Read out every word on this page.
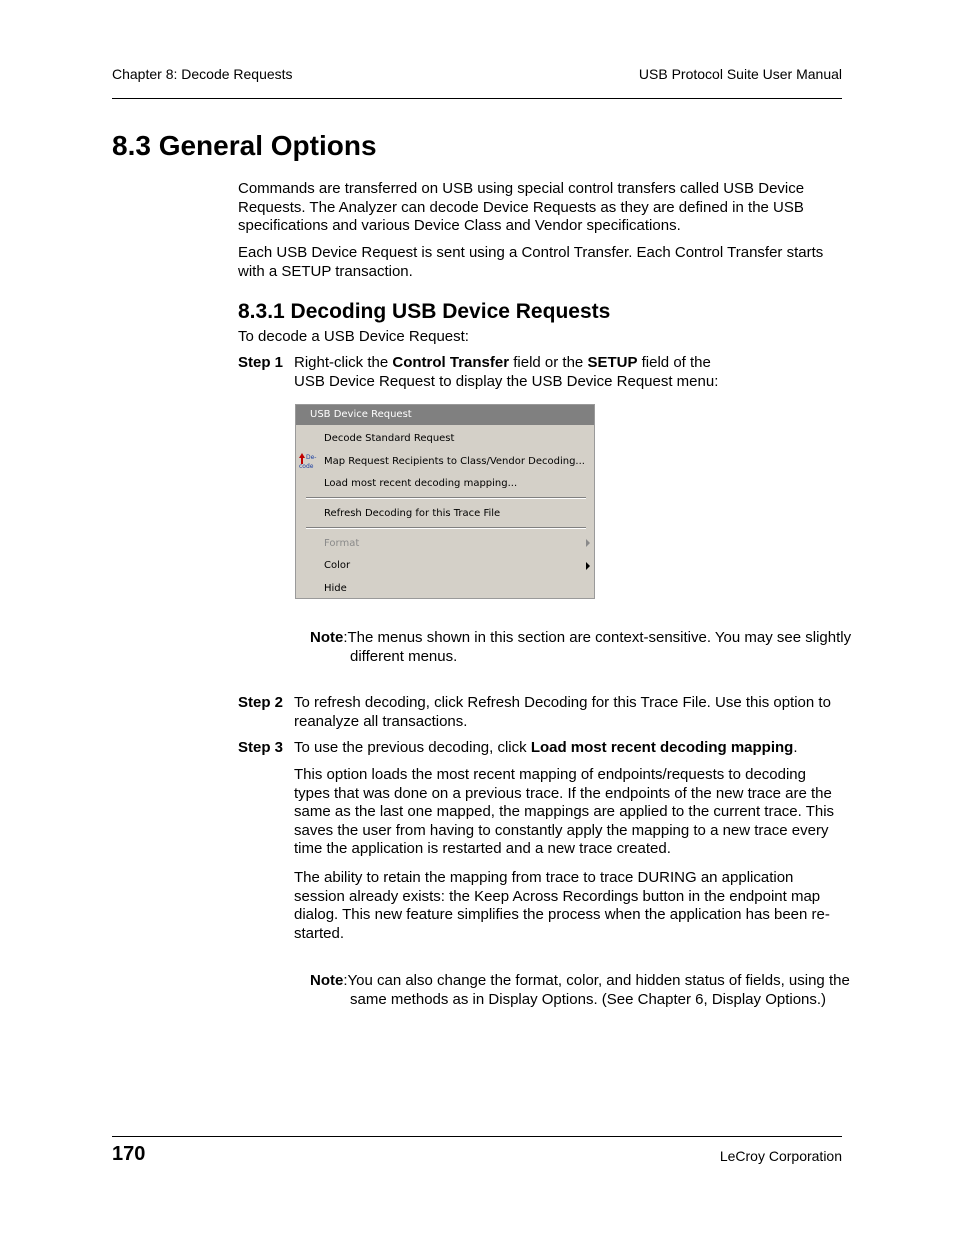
Chapter 8: Decode Requests	USB Protocol Suite User Manual
8.3 General Options
Commands are transferred on USB using special control transfers called USB Device Requests. The Analyzer can decode Device Requests as they are defined in the USB specifications and various Device Class and Vendor specifications.
Each USB Device Request is sent using a Control Transfer. Each Control Transfer starts with a SETUP transaction.
8.3.1 Decoding USB Device Requests
To decode a USB Device Request:
Step 1 Right-click the Control Transfer field or the SETUP field of the USB Device Request to display the USB Device Request menu:
USB Device Request
Decode Standard Request
De-
code Map Request Recipients to Class/Vendor Decoding...
Load most recent decoding mapping...
Refresh Decoding for this Trace File
Format
Color
Hide
Note:The menus shown in this section are context-sensitive. You may see slightly different menus.
Step 2 To refresh decoding, click Refresh Decoding for this Trace File. Use this option to reanalyze all transactions.
Step 3 To use the previous decoding, click Load most recent decoding mapping.
This option loads the most recent mapping of endpoints/requests to decoding types that was done on a previous trace. If the endpoints of the new trace are the same as the last one mapped, the mappings are applied to the current trace. This saves the user from having to constantly apply the mapping to a new trace every time the application is restarted and a new trace created.
The ability to retain the mapping from trace to trace DURING an application session already exists: the Keep Across Recordings button in the endpoint map dialog. This new feature simplifies the process when the application has been re-started.
Note:You can also change the format, color, and hidden status of fields, using the same methods as in Display Options. (See Chapter 6, Display Options.)
170	LeCroy Corporation
